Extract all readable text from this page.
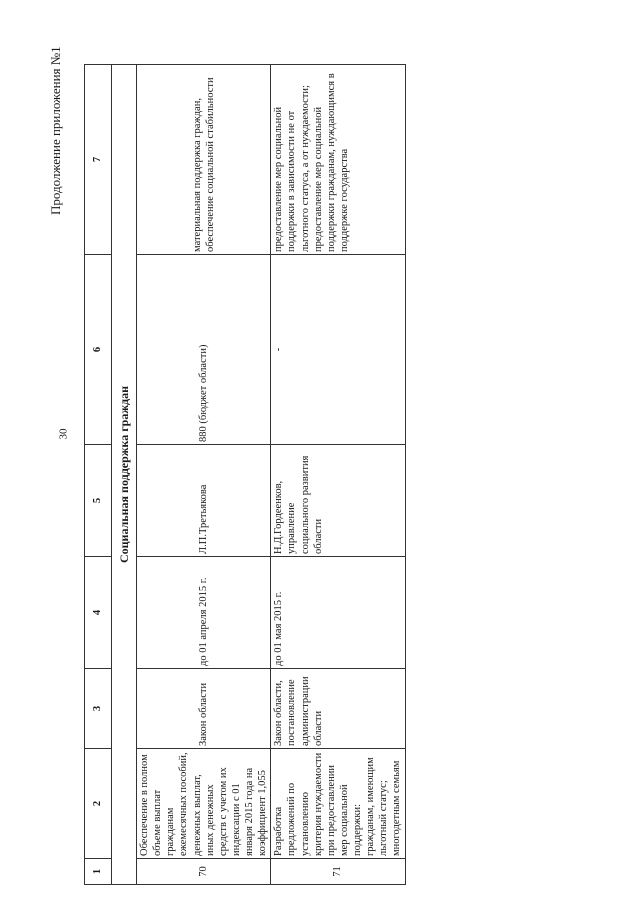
30
Продолжение приложения №1
1	2	3	4	5	6	7
Социальная поддержка граждан						
70	Обеспечение в полном объеме выплат гражданам ежемесячных пособий, денежных выплат, иных денежных средств с учетом их индексации с 01 января 2015 года на коэффициент 1,055	Закон области	до 01 апреля 2015 г.	Л.П.Третьякова	880 (бюджет области)	материальная поддержка граждан, обеспечение социальной стабильности
71	Разработка предложений по установлению критерия нуждаемости при предоставлении мер социальной поддержки: гражданам, имеющим льготный статус; многодетным семьям	Закон области, постановление администрации области	до 01 мая 2015 г.	Н.Д.Гордеенков, управление социального развития области	-	предоставление мер социальной поддержки в зависимости не от льготного статуса, а от нуждаемости; предоставление мер социальной поддержки гражданам, нуждающимся в поддержке государства
